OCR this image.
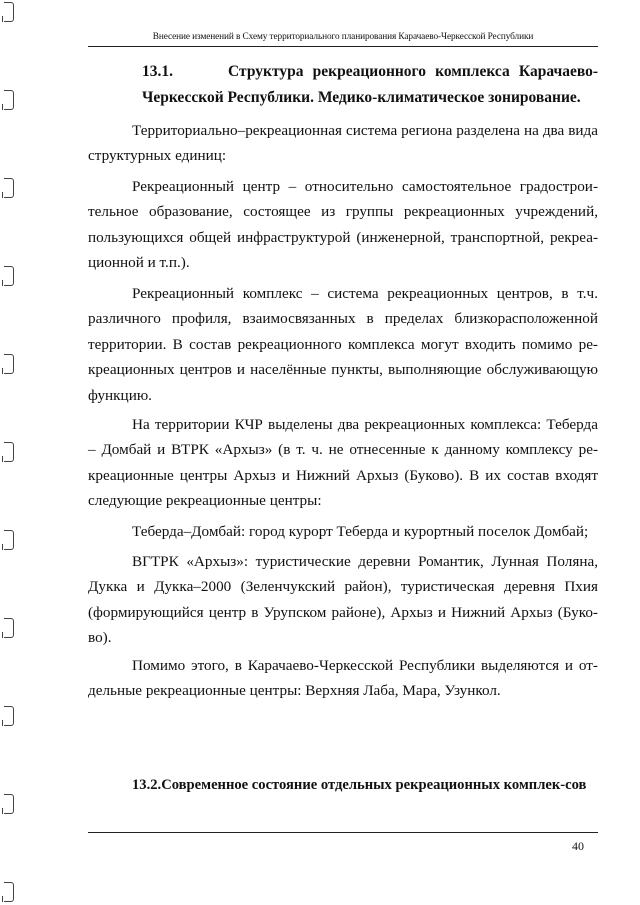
Внесение изменений в Схему территориального планирования Карачаево-Черкесской Республики
13.1.      Структура рекреационного комплекса Карачаево-Черкесской Республики. Медико-климатическое зонирование.

Территориально–рекреационная система региона разделена на два вида структурных единиц:

Рекреационный центр – относительно самостоятельное градострои-тельное образование, состоящее из группы рекреационных учреждений, пользующихся общей инфраструктурой (инженерной, транспортной, рекреа-ционной и т.п.).

Рекреационный комплекс – система рекреационных центров, в т.ч. различного профиля, взаимосвязанных в пределах близкорасположенной территории. В состав рекреационного комплекса могут входить помимо ре-креационных центров и населённые пункты, выполняющие обслуживающую функцию.

На территории КЧР выделены два рекреационных комплекса: Теберда – Домбай и ВТРК «Архыз» (в т. ч. не отнесенные к данному комплексу ре-креационные центры Архыз и Нижний Архыз (Буково). В их состав входят следующие рекреационные центры:

Теберда–Домбай: город курорт Теберда и курортный поселок Домбай;

ВГТРК «Архыз»: туристические деревни Романтик, Лунная Поляна, Дукка и Дукка–2000 (Зеленчукский район), туристическая деревня Пхия (формирующийся центр в Урупском районе), Архыз и Нижний Архыз (Буко-во).

Помимо этого, в Карачаево-Черкесской Республики выделяются и от-дельные рекреационные центры: Верхняя Лаба, Мара, Узункол.

13.2.Современное состояние отдельных рекреационных комплек-сов
40
